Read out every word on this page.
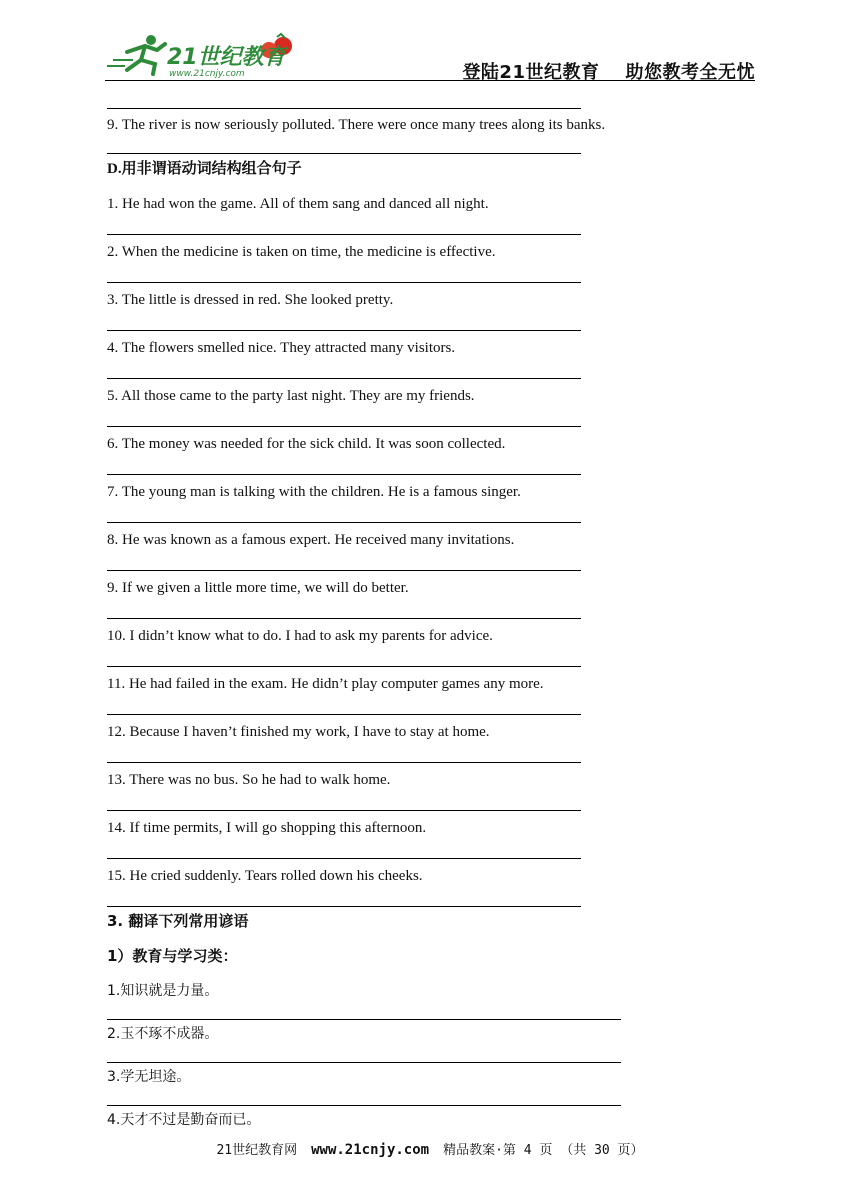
21世纪教育
www.21cnjy.com	登陆21世纪教育 助您教考全无忧

9. The river is now seriously polluted. There were once many trees along its banks.

D.用非谓语动词结构组合句子

1. He had won the game. All of them sang and danced all night.

2. When the medicine is taken on time, the medicine is effective.

3. The little is dressed in red. She looked pretty.

4. The flowers smelled nice. They attracted many visitors.

5. All those came to the party last night. They are my friends.

6. The money was needed for the sick child. It was soon collected.

7. The young man is talking with the children. He is a famous singer.

8. He was known as a famous expert. He received many invitations.

9. If we given a little more time, we will do better.

10. I didn’t know what to do. I had to ask my parents for advice.

11. He had failed in the exam. He didn’t play computer games any more.

12. Because I haven’t finished my work, I have to stay at home.

13. There was no bus. So he had to walk home.

14. If time permits, I will go shopping this afternoon.

15. He cried suddenly. Tears rolled down his cheeks.

3. 翻译下列常用谚语

1）教育与学习类：

1.知识就是力量。

2.玉不琢不成器。

3.学无坦途。

4.天才不过是勤奋而已。

21世纪教育网 www.21cnjy.com 精品教案·第 4 页 （共 30 页）
